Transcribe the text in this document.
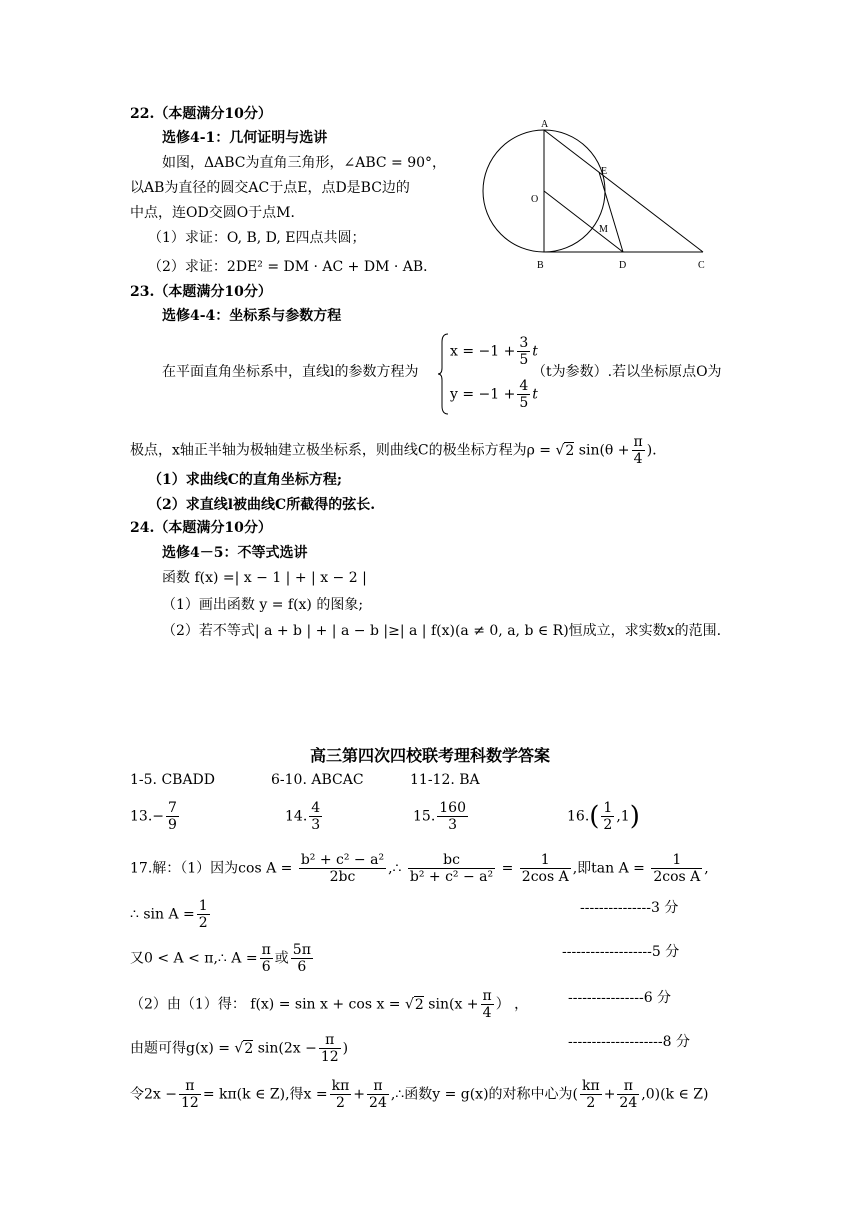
22.（本题满分10分）
选修4-1：几何证明与选讲
如图，ΔABC为直角三角形，∠ABC = 90°，
以AB为直径的圆交AC于点E，点D是BC边的
中点，连OD交圆O于点M．
（1）求证：O, B, D, E四点共圆；
（2）求证：2DE² = DM · AC + DM · AB．
A
E
O
M
B	D	C
23.（本题满分10分）
选修4-4：坐标系与参数方程
在平面直角坐标系中，直线l的参数方程为
$x = -1 + \frac{3}{5}$ t
$y = -1 + \frac{4}{5}$ t
（t为参数）.若以坐标原点O为
极点，x轴正半轴为极轴建立极坐标系，则曲线C的极坐标方程为ρ = √2 $\sin(\theta + \frac{\pi}{4}$ )．
（1）求曲线C的直角坐标方程;
（2）求直线l被曲线C所截得的弦长.
24.（本题满分10分）
选修4－5：不等式选讲
函数 f(x) =| x − 1 | + | x − 2 |
（1）画出函数 y = f(x) 的图象;
（2）若不等式| a + b | + | a − b |≥| a | f(x)(a ≠ 0, a, b ∈ R)恒成立，求实数x的范围.
高三第四次四校联考理科数学答案
1-5. CBADD	6-10. ABCAC	11-12. BA
$13.- \frac{7}{9}$	14. $\frac{4}{3}$	15. $\frac{160}{3}$	$16.( \frac{1}{2} ,1)$
17.解：（1）因为$\cos A = \frac{\text{b² + c² − a²}}{2bc}$ ,∴ $\frac{bc}{\text{b² + c² − a²}} = \frac{1}{\text{2cos A}}$ ,即$\tan A = \frac{1}{\text{2cos A}}$ ,
∴ $\sin A = \frac{1}{2}$	---------------3 分
又0 < A < π,∴ $A = \frac{\pi}{6}$ 或 $\frac{5\pi}{6}$	-------------------5 分
（2）由（1）得： f(x) = sin x + cos x = √2 $\sin(x + \frac{\pi}{4}$ ） ，	----------------6 分
由题可得g(x) = √2 $\sin(2x - \frac{\pi}{12}$ )	--------------------8 分
令$2x - \frac{\pi}{12} = k\pi(k$ ∈ Z),得$x = \frac{k\pi}{2} + \frac{\pi}{24}$ ,∴函数y = g(x)的对称中心为( $\frac{k\pi}{2} + \frac{\pi}{24} ,0)(k$ ∈ Z)
